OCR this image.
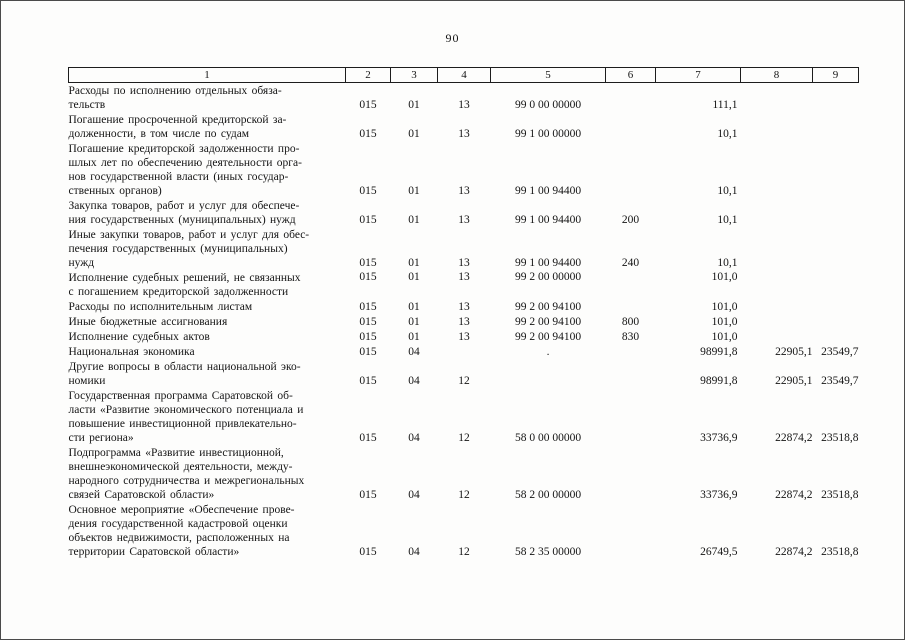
90
1	2	3	4	5	6	7	8	9
Расходы по исполнению отдельных обяза-
тельств	015	01	13	99 0 00 00000		111,1		
Погашение просроченной кредиторской за-
долженности, в том числе по судам	015	01	13	99 1 00 00000		10,1		
Погашение кредиторской задолженности про-
шлых лет по обеспечению деятельности орга-
нов государственной власти (иных государ-
ственных органов)	015	01	13	99 1 00 94400		10,1		
Закупка товаров, работ и услуг для обеспече-
ния государственных (муниципальных) нужд	015	01	13	99 1 00 94400	200	10,1		
Иные закупки товаров, работ и услуг для обес-
печения государственных (муниципальных)
нужд	015	01	13	99 1 00 94400	240	10,1		
Исполнение судебных решений, не связанных
с погашением кредиторской задолженности	015	01	13	99 2 00 00000		101,0		
Расходы по исполнительным листам	015	01	13	99 2 00 94100		101,0		
Иные бюджетные ассигнования	015	01	13	99 2 00 94100	800	101,0		
Исполнение судебных актов	015	01	13	99 2 00 94100	830	101,0		
Национальная экономика	015	04		.		98991,8	22905,1	23549,7
Другие вопросы в области национальной эко-
номики	015	04	12			98991,8	22905,1	23549,7
Государственная программа Саратовской об-
ласти «Развитие экономического потенциала и
повышение инвестиционной привлекательно-
сти региона»	015	04	12	58 0 00 00000		33736,9	22874,2	23518,8
Подпрограмма «Развитие инвестиционной,
внешнеэкономической деятельности, между-
народного сотрудничества и межрегиональных
связей Саратовской области»	015	04	12	58 2 00 00000		33736,9	22874,2	23518,8
Основное мероприятие «Обеспечение прове-
дения государственной кадастровой оценки
объектов недвижимости, расположенных на
территории Саратовской области»	015	04	12	58 2 35 00000		26749,5	22874,2	23518,8
